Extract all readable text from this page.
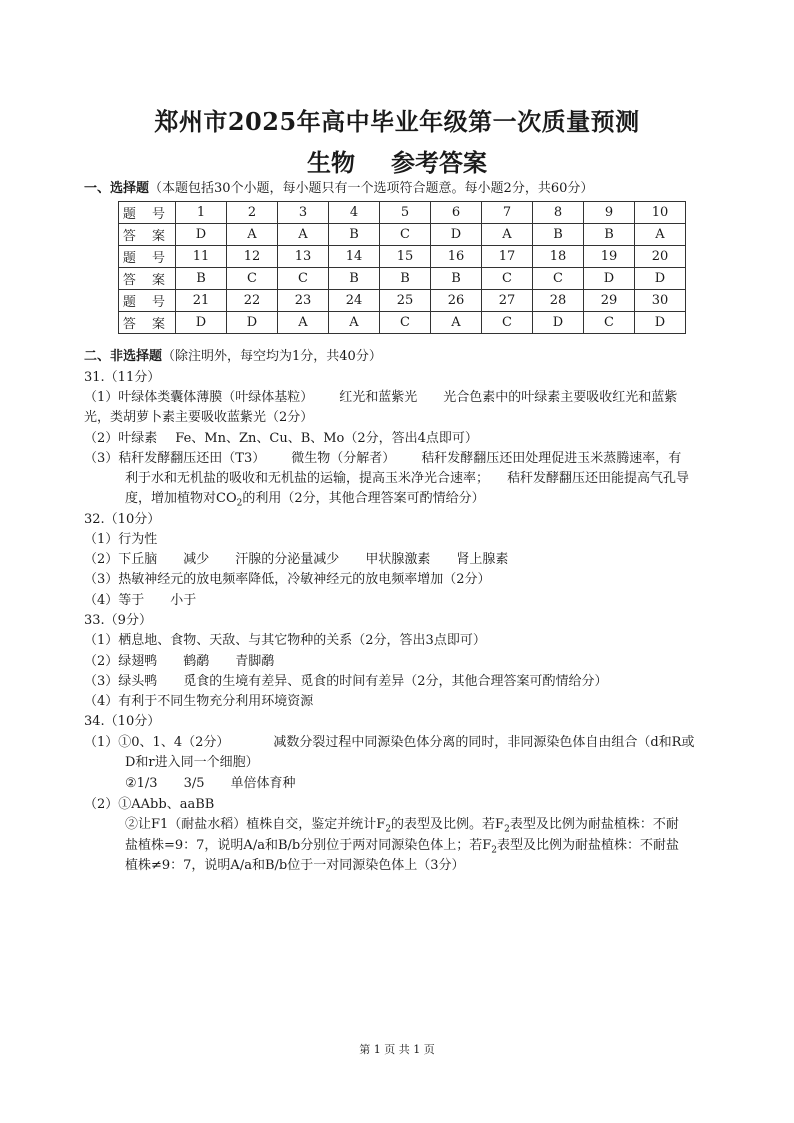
郑州市2025年高中毕业年级第一次质量预测
生物 参考答案
一、选择题（本题包括30个小题，每小题只有一个选项符合题意。每小题2分，共60分）
题 号	1	2	3	4	5	6	7	8	9	10
答 案	D	A	A	B	C	D	A	B	B	A
题 号	11	12	13	14	15	16	17	18	19	20
答 案	B	C	C	B	B	B	C	C	D	D
题 号	21	22	23	24	25	26	27	28	29	30
答 案	D	D	A	A	C	A	C	D	C	D
二、非选择题（除注明外，每空均为1分，共40分）
31.（11分）
（1）叶绿体类囊体薄膜（叶绿体基粒） 红光和蓝紫光 光合色素中的叶绿素主要吸收红光和蓝紫
光，类胡萝卜素主要吸收蓝紫光（2分）
（2）叶绿素 Fe、Mn、Zn、Cu、B、Mo（2分，答出4点即可）
（3）秸秆发酵翻压还田（T3） 微生物（分解者） 秸秆发酵翻压还田处理促进玉米蒸腾速率，有
利于水和无机盐的吸收和无机盐的运输，提高玉米净光合速率； 秸秆发酵翻压还田能提高气孔导
度，增加植物对$CO_2$的利用（2分，其他合理答案可酌情给分）
32.（10分）
（1）行为性
（2）下丘脑 减少 汗腺的分泌量减少 甲状腺激素 肾上腺素
（3）热敏神经元的放电频率降低，冷敏神经元的放电频率增加（2分）
（4）等于 小于
33.（9分）
（1）栖息地、食物、天敌、与其它物种的关系（2分，答出3点即可）
（2）绿翅鸭 鹤鹬 青脚鹬
（3）绿头鸭 觅食的生境有差异、觅食的时间有差异（2分，其他合理答案可酌情给分）
（4）有利于不同生物充分利用环境资源
34.（10分）
（1）①0、1、4（2分）	减数分裂过程中同源染色体分离的同时，非同源染色体自由组合（d和R或
D和r进入同一个细胞）
②1/3 3/5 单倍体育种
（2）①AAbb、aaBB
②让F1（耐盐水稻）植株自交，鉴定并统计$F_2$的表型及比例。若$F_2$表型及比例为耐盐植株：不耐
盐植株=9：7，说明A/a和B/b分别位于两对同源染色体上；若$F_2$表型及比例为耐盐植株：不耐盐
植株≠9：7，说明A/a和B/b位于一对同源染色体上（3分）
第 1 页 共 1 页
